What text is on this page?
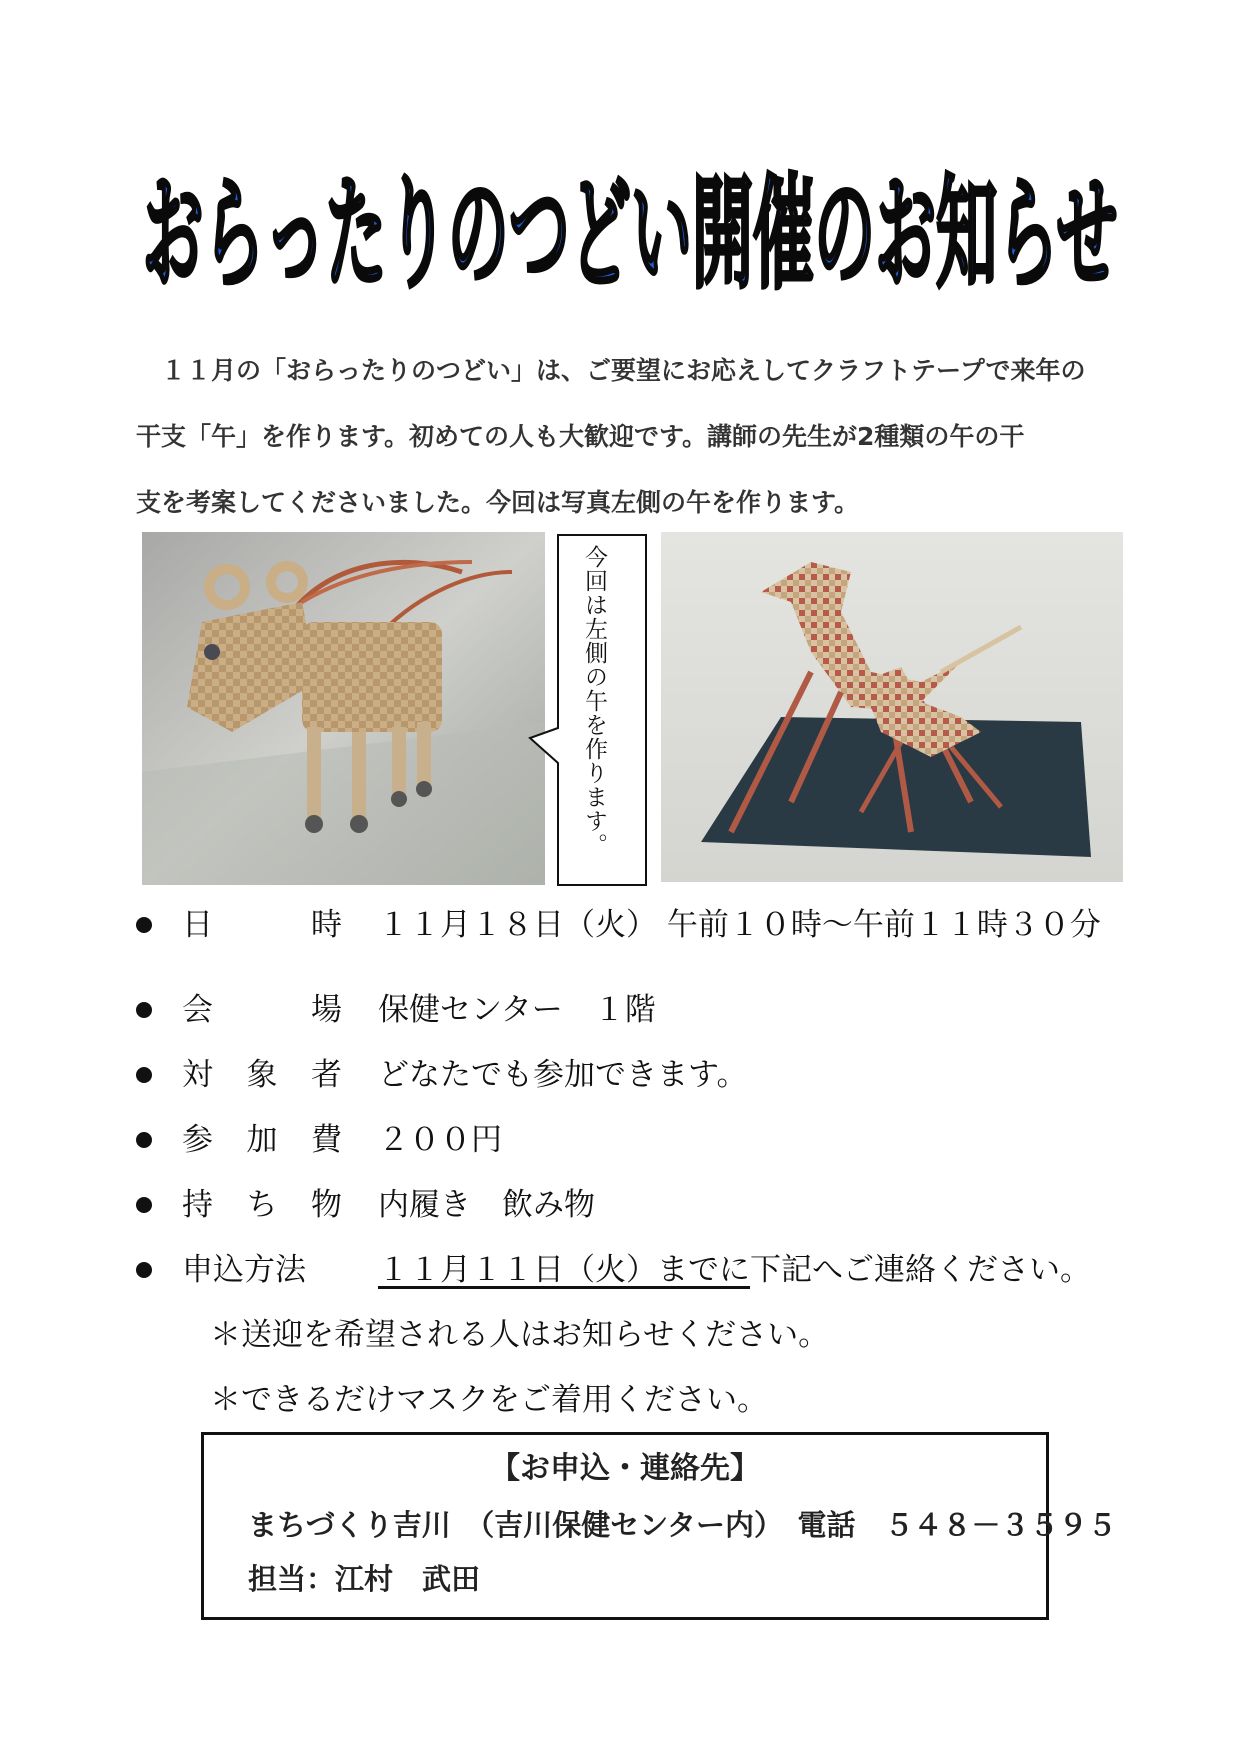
おらったりのつどい開催のお知らせ

　１１月の「おらったりのつどい」は、ご要望にお応えしてクラフトテープで来年の

干支「午」を作ります。初めての人も大歓迎です。講師の先生が2種類の午の干

支を考案してくださいました。今回は写真左側の午を作ります。

今回は左側の午を作ります。
日	時 １１月１８日（火） 午前１０時～午前１１時３０分
会	場 保健センター　１階
対 象 者 どなたでも参加できます。
参 加 費 ２００円
持 ち 物 内履き　飲み物
申込方法 １１月１１日（火）までに下記へご連絡ください。
＊送迎を希望される人はお知らせください。
＊できるだけマスクをご着用ください。
【お申込・連絡先】
まちづくり吉川　（吉川保健センター内）　電話　５４８－３５９５
担当：江村　武田
